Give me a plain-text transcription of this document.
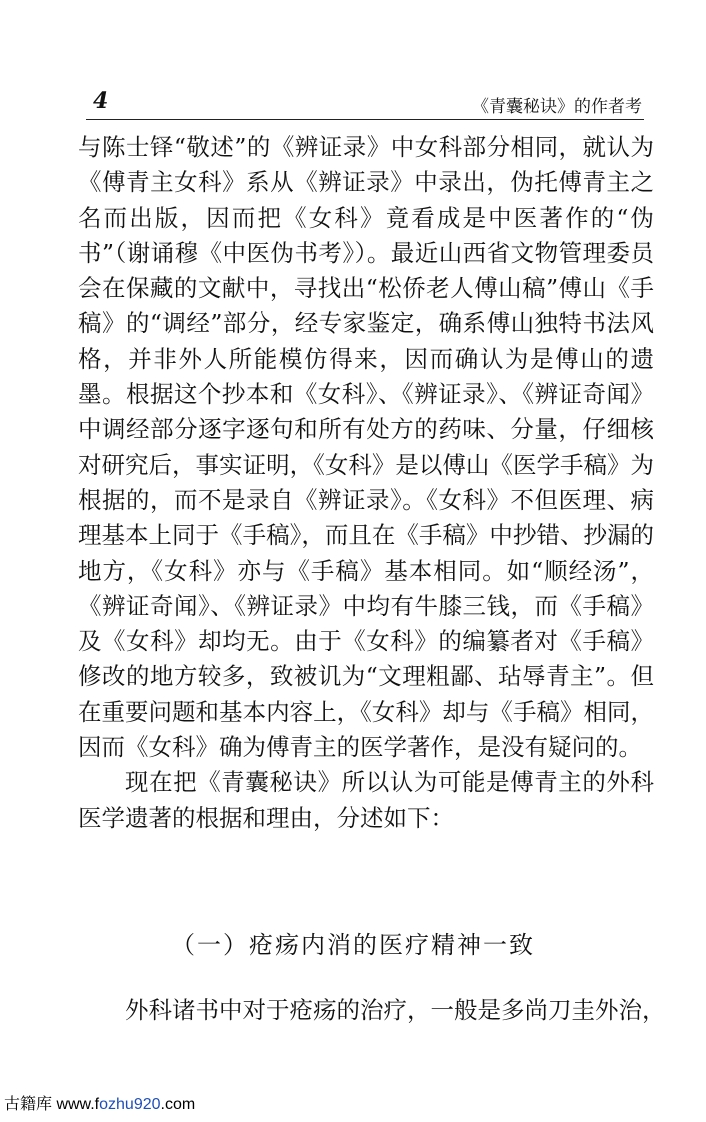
4	《青囊秘诀》的作者考

与陈士铎“敬述”的《辨证录》中女科部分相同，就认为《傅青主女科》系从《辨证录》中录出，伪托傅青主之名而出版，因而把《女科》竟看成是中医著作的“伪书”（谢诵穆《中医伪书考》）。最近山西省文物管理委员会在保藏的文献中，寻找出“松侨老人傅山稿”傅山《手稿》的“调经”部分，经专家鉴定，确系傅山独特书法风格，并非外人所能模仿得来，因而确认为是傅山的遗墨。根据这个抄本和《女科》、《辨证录》、《辨证奇闻》中调经部分逐字逐句和所有处方的药味、分量，仔细核对研究后，事实证明，《女科》是以傅山《医学手稿》为根据的，而不是录自《辨证录》。《女科》不但医理、病理基本上同于《手稿》，而且在《手稿》中抄错、抄漏的地方，《女科》亦与《手稿》基本相同。如“顺经汤”，《辨证奇闻》、《辨证录》中均有牛膝三钱，而《手稿》及《女科》却均无。由于《女科》的编纂者对《手稿》修改的地方较多，致被讥为“文理粗鄙、玷辱青主”。但在重要问题和基本内容上，《女科》却与《手稿》相同，因而《女科》确为傅青主的医学著作，是没有疑问的。

现在把《青囊秘诀》所以认为可能是傅青主的外科医学遗著的根据和理由，分述如下：

（一）疮疡内消的医疗精神一致

外科诸书中对于疮疡的治疗，一般是多尚刀圭外治，

古籍库 www.fozhu920.com
